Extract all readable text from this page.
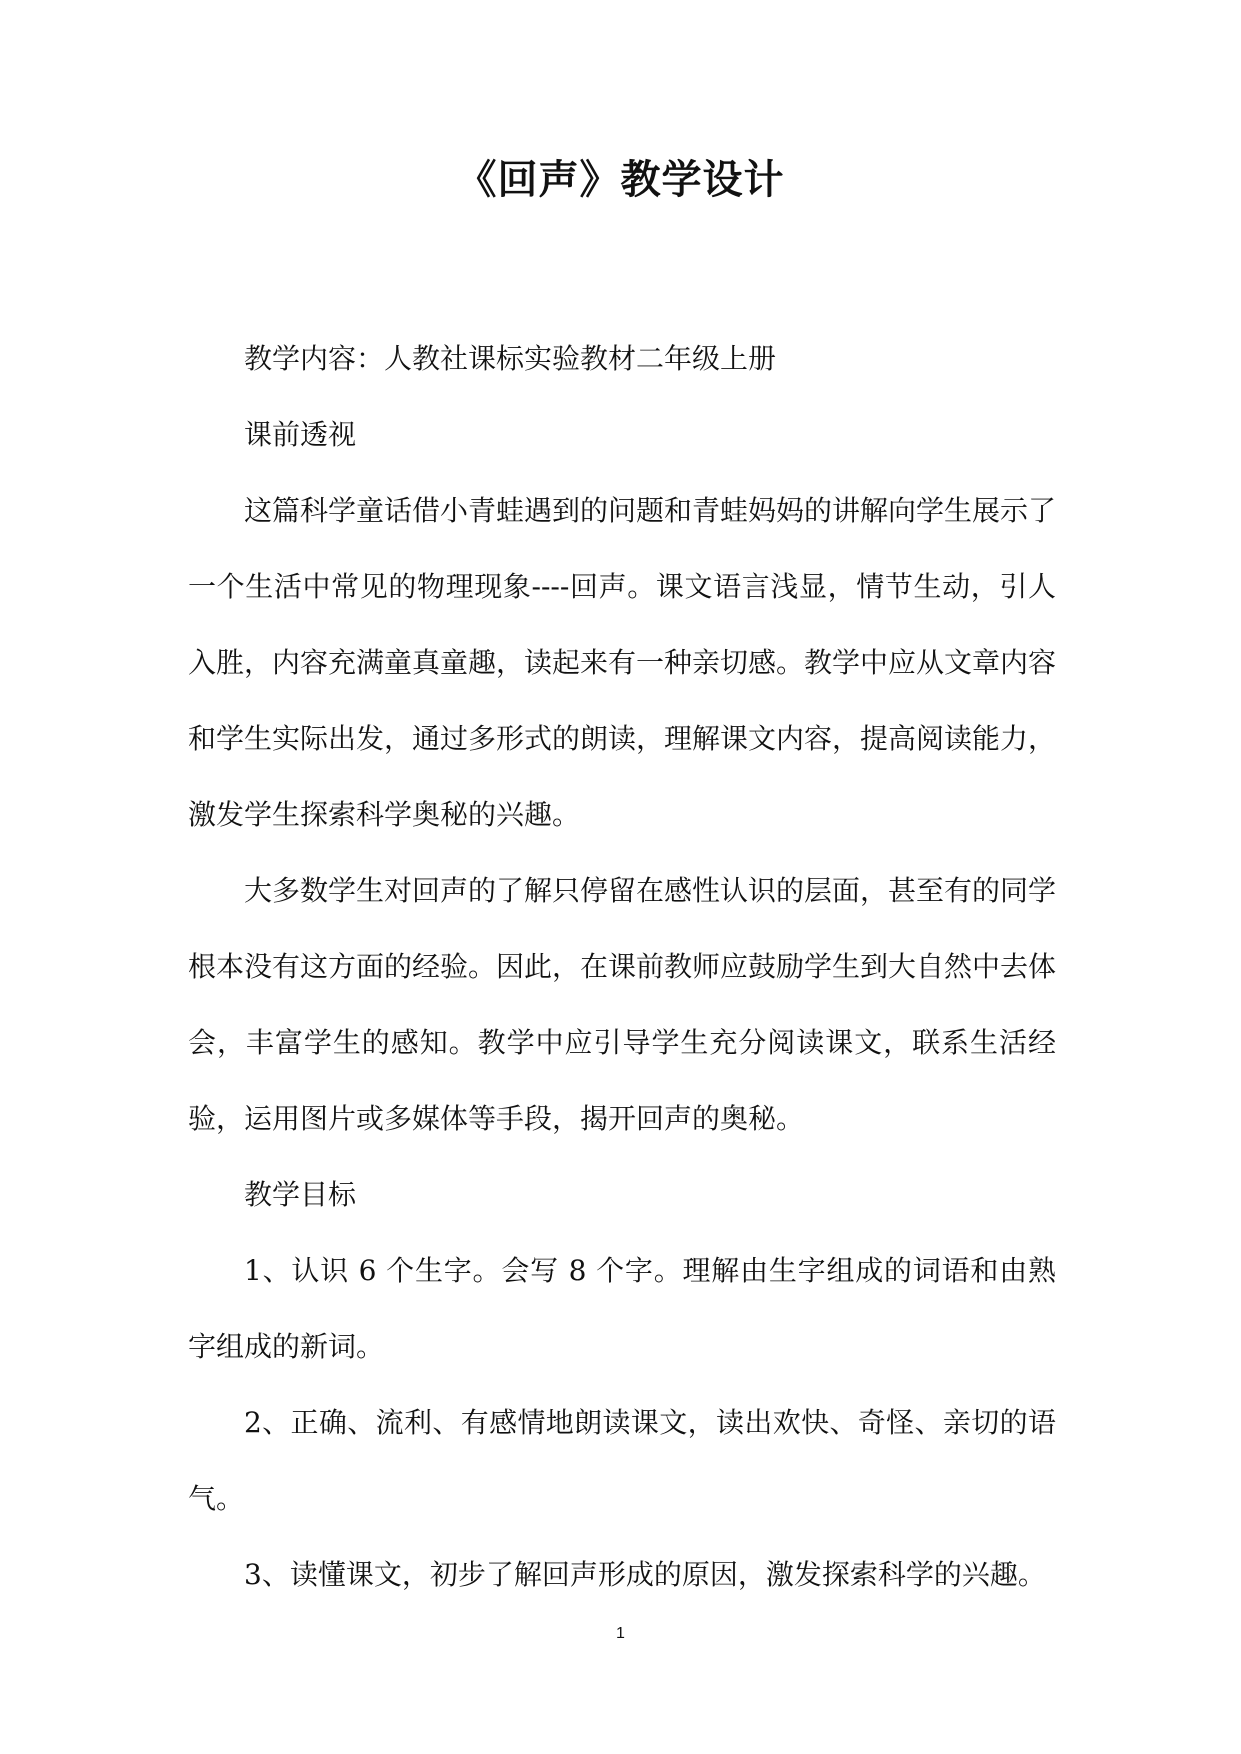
《回声》教学设计

教学内容：人教社课标实验教材二年级上册

课前透视

这篇科学童话借小青蛙遇到的问题和青蛙妈妈的讲解向学生展示了一个生活中常见的物理现象----回声。课文语言浅显，情节生动，引人入胜，内容充满童真童趣，读起来有一种亲切感。教学中应从文章内容和学生实际出发，通过多形式的朗读，理解课文内容，提高阅读能力，激发学生探索科学奥秘的兴趣。

大多数学生对回声的了解只停留在感性认识的层面，甚至有的同学根本没有这方面的经验。因此，在课前教师应鼓励学生到大自然中去体会，丰富学生的感知。教学中应引导学生充分阅读课文，联系生活经验，运用图片或多媒体等手段，揭开回声的奥秘。

教学目标

1、认识 6 个生字。会写 8 个字。理解由生字组成的词语和由熟字组成的新词。

2、正确、流利、有感情地朗读课文，读出欢快、奇怪、亲切的语气。

3、读懂课文，初步了解回声形成的原因，激发探索科学的兴趣。

1
